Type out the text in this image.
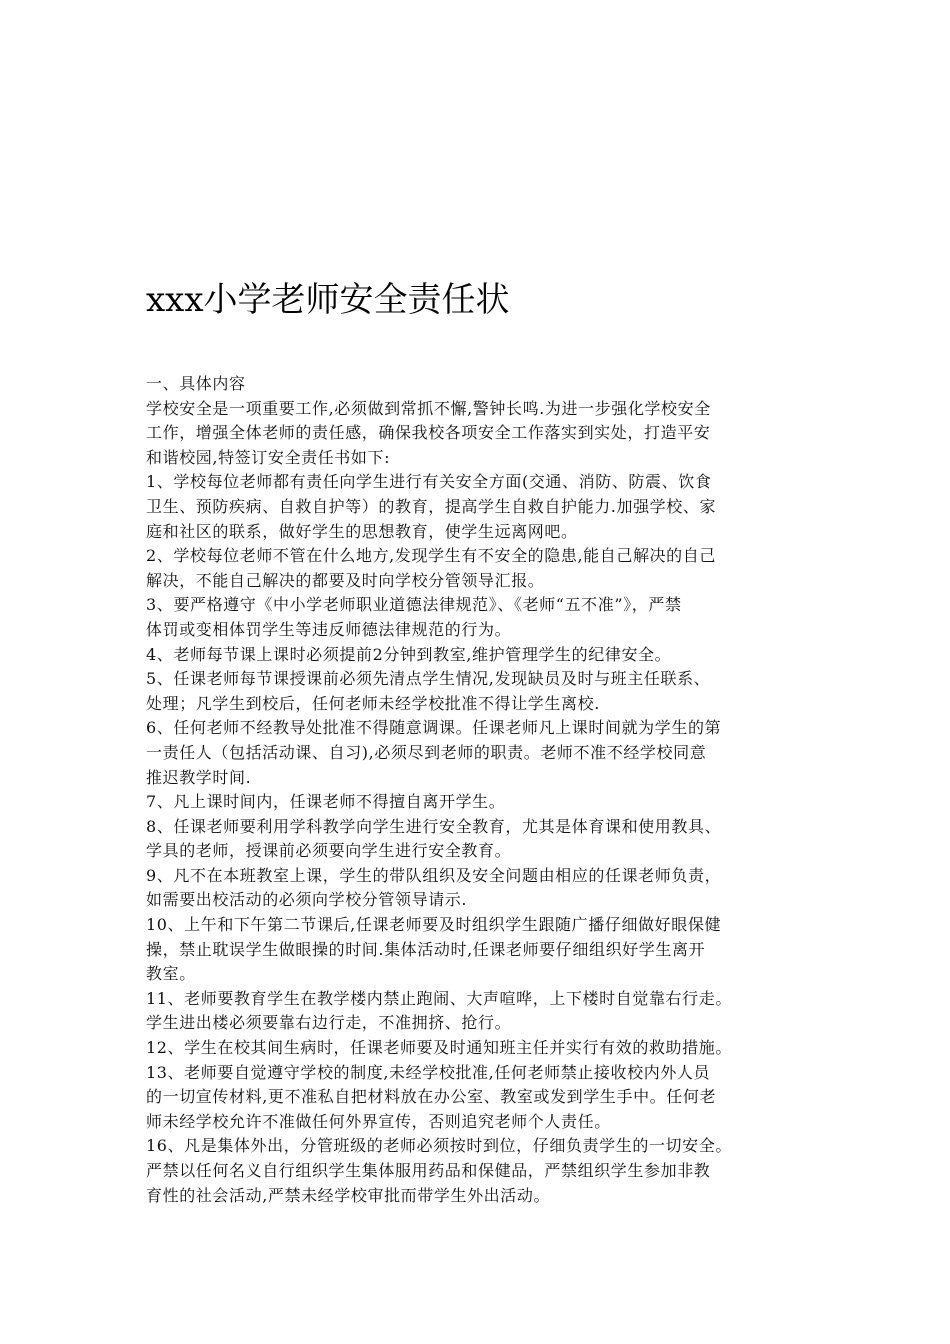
xxx小学老师安全责任状
一、具体内容
学校安全是一项重要工作,必须做到常抓不懈,警钟长鸣.为进一步强化学校安全
工作，增强全体老师的责任感，确保我校各项安全工作落实到实处，打造平安
和谐校园,特签订安全责任书如下:
1、学校每位老师都有责任向学生进行有关安全方面(交通、消防、防震、饮食
卫生、预防疾病、自救自护等）的教育，提高学生自救自护能力.加强学校、家
庭和社区的联系，做好学生的思想教育，使学生远离网吧。
2、学校每位老师不管在什么地方,发现学生有不安全的隐患,能自己解决的自己
解决，不能自己解决的都要及时向学校分管领导汇报。
3、要严格遵守《中小学老师职业道德法律规范》、《老师“五不准”》，严禁
体罚或变相体罚学生等违反师德法律规范的行为。
4、老师每节课上课时必须提前2分钟到教室,维护管理学生的纪律安全。
5、任课老师每节课授课前必须先清点学生情况,发现缺员及时与班主任联系、
处理；凡学生到校后，任何老师未经学校批准不得让学生离校.
6、任何老师不经教导处批准不得随意调课。任课老师凡上课时间就为学生的第
一责任人（包括活动课、自习),必须尽到老师的职责。老师不准不经学校同意
推迟教学时间.
7、凡上课时间内，任课老师不得擅自离开学生。
8、任课老师要利用学科教学向学生进行安全教育，尤其是体育课和使用教具、
学具的老师，授课前必须要向学生进行安全教育。
9、凡不在本班教室上课，学生的带队组织及安全问题由相应的任课老师负责，
如需要出校活动的必须向学校分管领导请示.
10、上午和下午第二节课后,任课老师要及时组织学生跟随广播仔细做好眼保健
操，禁止耽误学生做眼操的时间.集体活动时,任课老师要仔细组织好学生离开
教室。
11、老师要教育学生在教学楼内禁止跑闹、大声喧哗，上下楼时自觉靠右行走。
学生进出楼必须要靠右边行走，不准拥挤、抢行。
12、学生在校其间生病时，任课老师要及时通知班主任并实行有效的救助措施。
13、老师要自觉遵守学校的制度,未经学校批准,任何老师禁止接收校内外人员
的一切宣传材料,更不准私自把材料放在办公室、教室或发到学生手中。任何老
师未经学校允许不准做任何外界宣传，否则追究老师个人责任。
16、凡是集体外出，分管班级的老师必须按时到位，仔细负责学生的一切安全。
严禁以任何名义自行组织学生集体服用药品和保健品，严禁组织学生参加非教
育性的社会活动,严禁未经学校审批而带学生外出活动。
